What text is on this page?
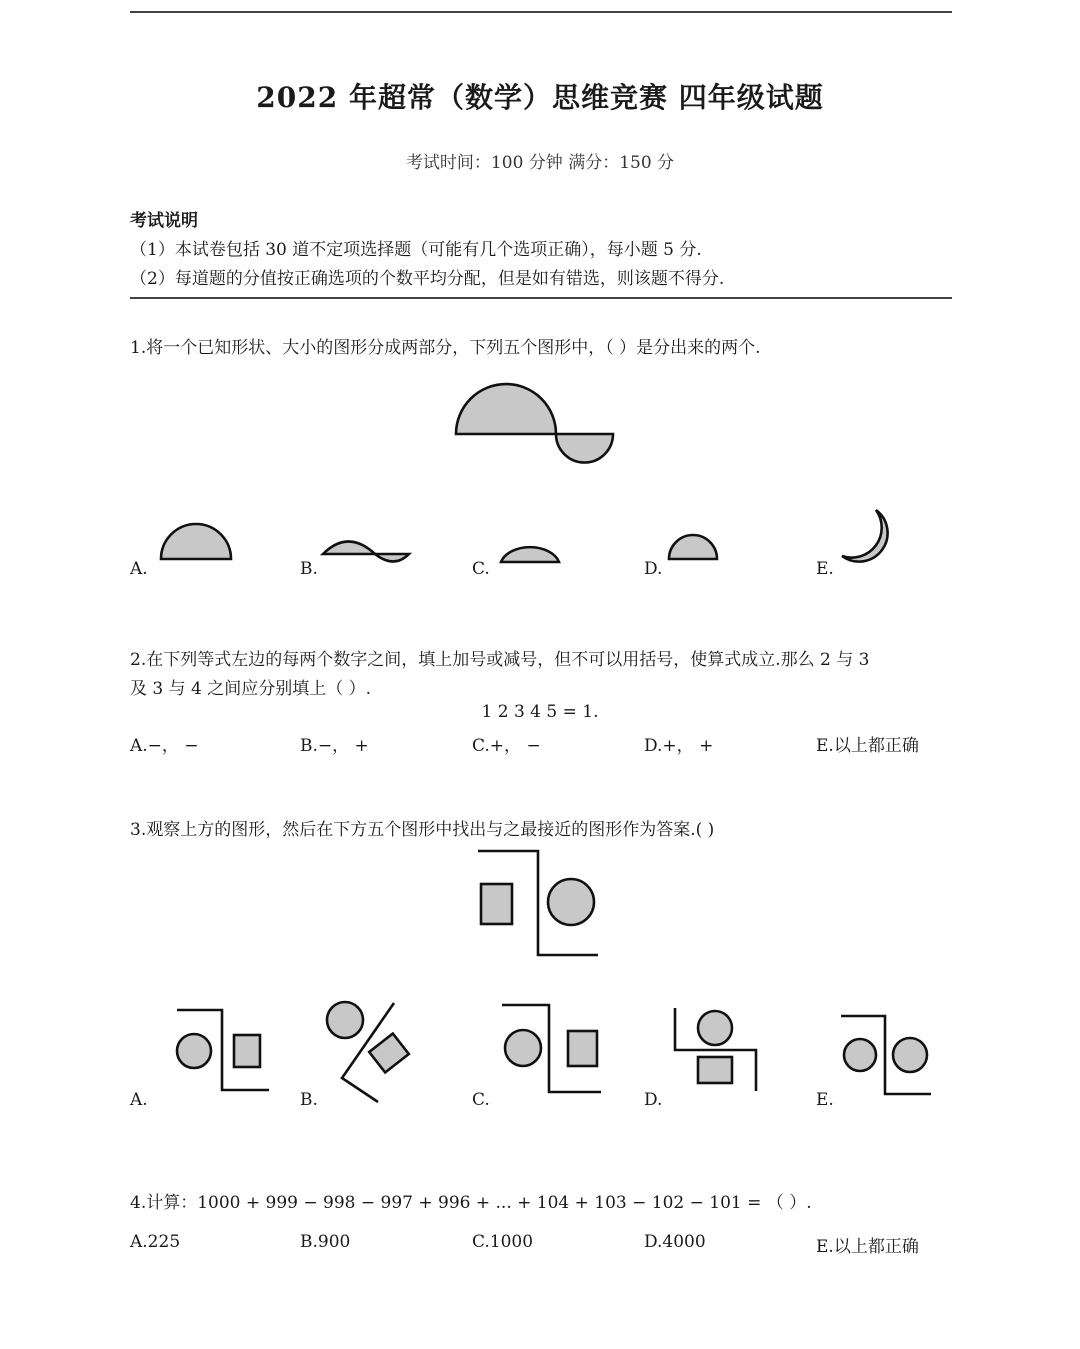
2022 年超常（数学）思维竞赛 四年级试题
考试时间：100 分钟 满分：150 分
考试说明
（1）本试卷包括 30 道不定项选择题（可能有几个选项正确），每小题 5 分.
（2）每道题的分值按正确选项的个数平均分配，但是如有错选，则该题不得分.
1.将一个已知形状、大小的图形分成两部分，下列五个图形中，（ ）是分出来的两个.
A.	B.	C.	D.	E.
2.在下列等式左边的每两个数字之间，填上加号或减号，但不可以用括号，使算式成立.那么 2 与 3
及 3 与 4 之间应分别填上（ ）.
1 2 3 4 5 = 1.
A.−， −	B.−， +	C.+， −	D.+， +	E.以上都正确
3.观察上方的图形，然后在下方五个图形中找出与之最接近的图形作为答案.( )
A.	B.	C.	D.	E.
4.计算：1000 + 999 − 998 − 997 + 996 + ... + 104 + 103 − 102 − 101 = （ ）.
A.225	B.900	C.1000	D.4000	E.以上都正确
